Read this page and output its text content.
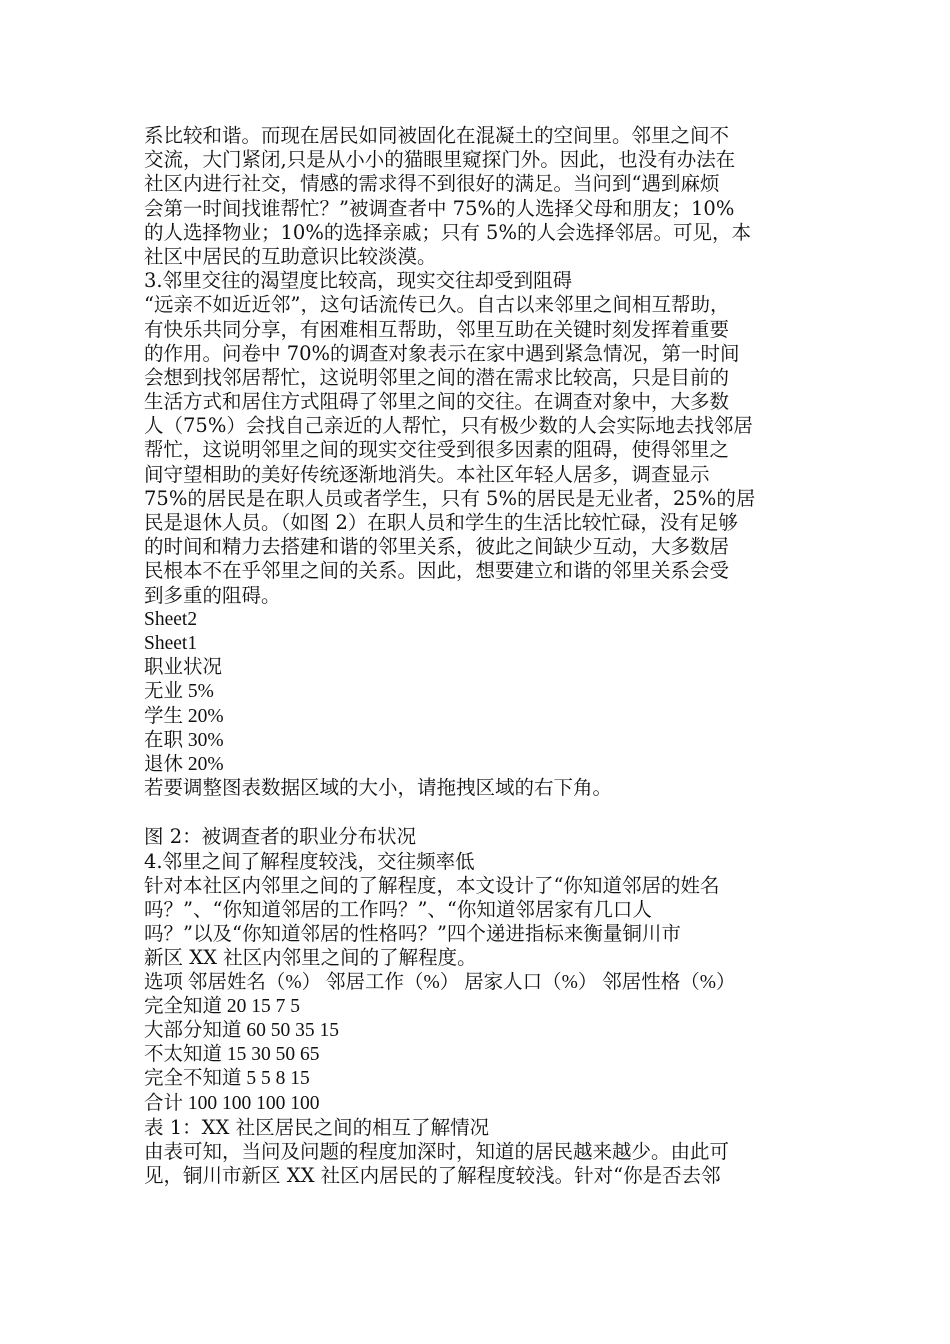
系比较和谐。而现在居民如同被固化在混凝土的空间里。邻里之间不
交流，大门紧闭,只是从小小的猫眼里窥探门外。因此，也没有办法在
社区内进行社交，情感的需求得不到很好的满足。当问到“遇到麻烦
会第一时间找谁帮忙？”被调查者中 75%的人选择父母和朋友；10%
的人选择物业；10%的选择亲戚；只有 5%的人会选择邻居。可见，本
社区中居民的互助意识比较淡漠。
3.邻里交往的渴望度比较高，现实交往却受到阻碍
“远亲不如近近邻”，这句话流传已久。自古以来邻里之间相互帮助，
有快乐共同分享，有困难相互帮助，邻里互助在关键时刻发挥着重要
的作用。问卷中 70%的调查对象表示在家中遇到紧急情况，第一时间
会想到找邻居帮忙，这说明邻里之间的潜在需求比较高，只是目前的
生活方式和居住方式阻碍了邻里之间的交往。在调查对象中，大多数
人（75%）会找自己亲近的人帮忙，只有极少数的人会实际地去找邻居
帮忙，这说明邻里之间的现实交往受到很多因素的阻碍，使得邻里之
间守望相助的美好传统逐渐地消失。本社区年轻人居多，调查显示
75%的居民是在职人员或者学生，只有 5%的居民是无业者，25%的居
民是退休人员。（如图 2）在职人员和学生的生活比较忙碌，没有足够
的时间和精力去搭建和谐的邻里关系，彼此之间缺少互动，大多数居
民根本不在乎邻里之间的关系。因此，想要建立和谐的邻里关系会受
到多重的阻碍。
Sheet2
Sheet1
职业状况
无业 5%
学生 20%
在职 30%
退休 20%
若要调整图表数据区域的大小，请拖拽区域的右下角。
图 2：被调查者的职业分布状况
4.邻里之间了解程度较浅，交往频率低
针对本社区内邻里之间的了解程度，本文设计了“你知道邻居的姓名
吗？”、“你知道邻居的工作吗？”、“你知道邻居家有几口人
吗？”以及“你知道邻居的性格吗？”四个递进指标来衡量铜川市
新区 XX 社区内邻里之间的了解程度。
选项 邻居姓名（%） 邻居工作（%） 居家人口（%） 邻居性格（%）
完全知道 20 15 7 5
大部分知道 60 50 35 15
不太知道 15 30 50 65
完全不知道 5 5 8 15
合计 100 100 100 100
表 1：XX 社区居民之间的相互了解情况
由表可知，当问及问题的程度加深时，知道的居民越来越少。由此可
见，铜川市新区 XX 社区内居民的了解程度较浅。针对“你是否去邻
